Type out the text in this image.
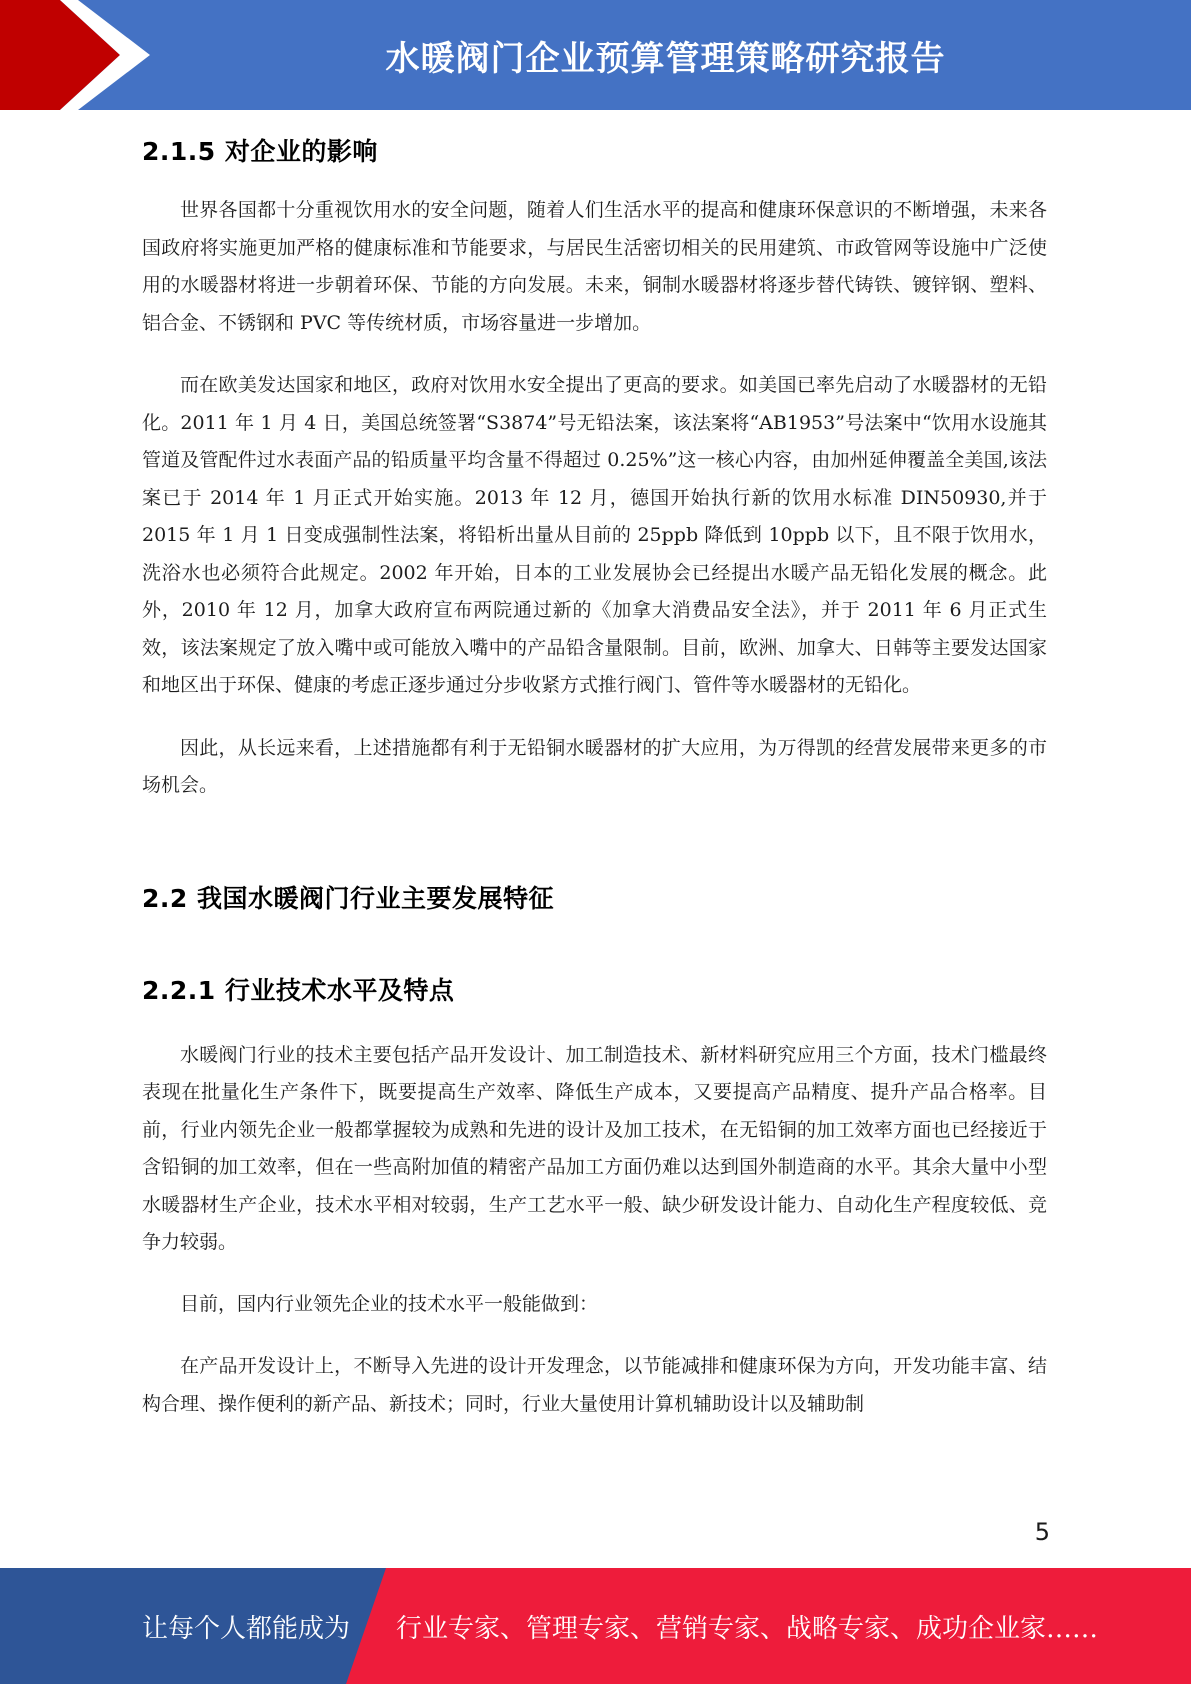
水暖阀门企业预算管理策略研究报告
2.1.5 对企业的影响

世界各国都十分重视饮用水的安全问题，随着人们生活水平的提高和健康环保意识的不断增强，未来各国政府将实施更加严格的健康标准和节能要求，与居民生活密切相关的民用建筑、市政管网等设施中广泛使用的水暖器材将进一步朝着环保、节能的方向发展。未来，铜制水暖器材将逐步替代铸铁、镀锌钢、塑料、铝合金、不锈钢和 PVC 等传统材质，市场容量进一步增加。

而在欧美发达国家和地区，政府对饮用水安全提出了更高的要求。如美国已率先启动了水暖器材的无铅化。2011 年 1 月 4 日，美国总统签署“S3874”号无铅法案，该法案将“AB1953”号法案中“饮用水设施其管道及管配件过水表面产品的铅质量平均含量不得超过 0.25%”这一核心内容，由加州延伸覆盖全美国,该法案已于 2014 年 1 月正式开始实施。2013 年 12 月，德国开始执行新的饮用水标准 DIN50930,并于 2015 年 1 月 1 日变成强制性法案，将铅析出量从目前的 25ppb 降低到 10ppb 以下，且不限于饮用水，洗浴水也必须符合此规定。2002 年开始，日本的工业发展协会已经提出水暖产品无铅化发展的概念。此外，2010 年 12 月，加拿大政府宣布两院通过新的《加拿大消费品安全法》，并于 2011 年 6 月正式生效，该法案规定了放入嘴中或可能放入嘴中的产品铅含量限制。目前，欧洲、加拿大、日韩等主要发达国家和地区出于环保、健康的考虑正逐步通过分步收紧方式推行阀门、管件等水暖器材的无铅化。

因此，从长远来看，上述措施都有利于无铅铜水暖器材的扩大应用，为万得凯的经营发展带来更多的市场机会。

2.2 我国水暖阀门行业主要发展特征
2.2.1 行业技术水平及特点

水暖阀门行业的技术主要包括产品开发设计、加工制造技术、新材料研究应用三个方面，技术门槛最终表现在批量化生产条件下，既要提高生产效率、降低生产成本，又要提高产品精度、提升产品合格率。目前，行业内领先企业一般都掌握较为成熟和先进的设计及加工技术，在无铅铜的加工效率方面也已经接近于含铅铜的加工效率，但在一些高附加值的精密产品加工方面仍难以达到国外制造商的水平。其余大量中小型水暖器材生产企业，技术水平相对较弱，生产工艺水平一般、缺少研发设计能力、自动化生产程度较低、竞争力较弱。

目前，国内行业领先企业的技术水平一般能做到：

在产品开发设计上，不断导入先进的设计开发理念，以节能减排和健康环保为方向，开发功能丰富、结构合理、操作便利的新产品、新技术；同时，行业大量使用计算机辅助设计以及辅助制

5
让每个人都能成为 行业专家、管理专家、营销专家、战略专家、成功企业家……
